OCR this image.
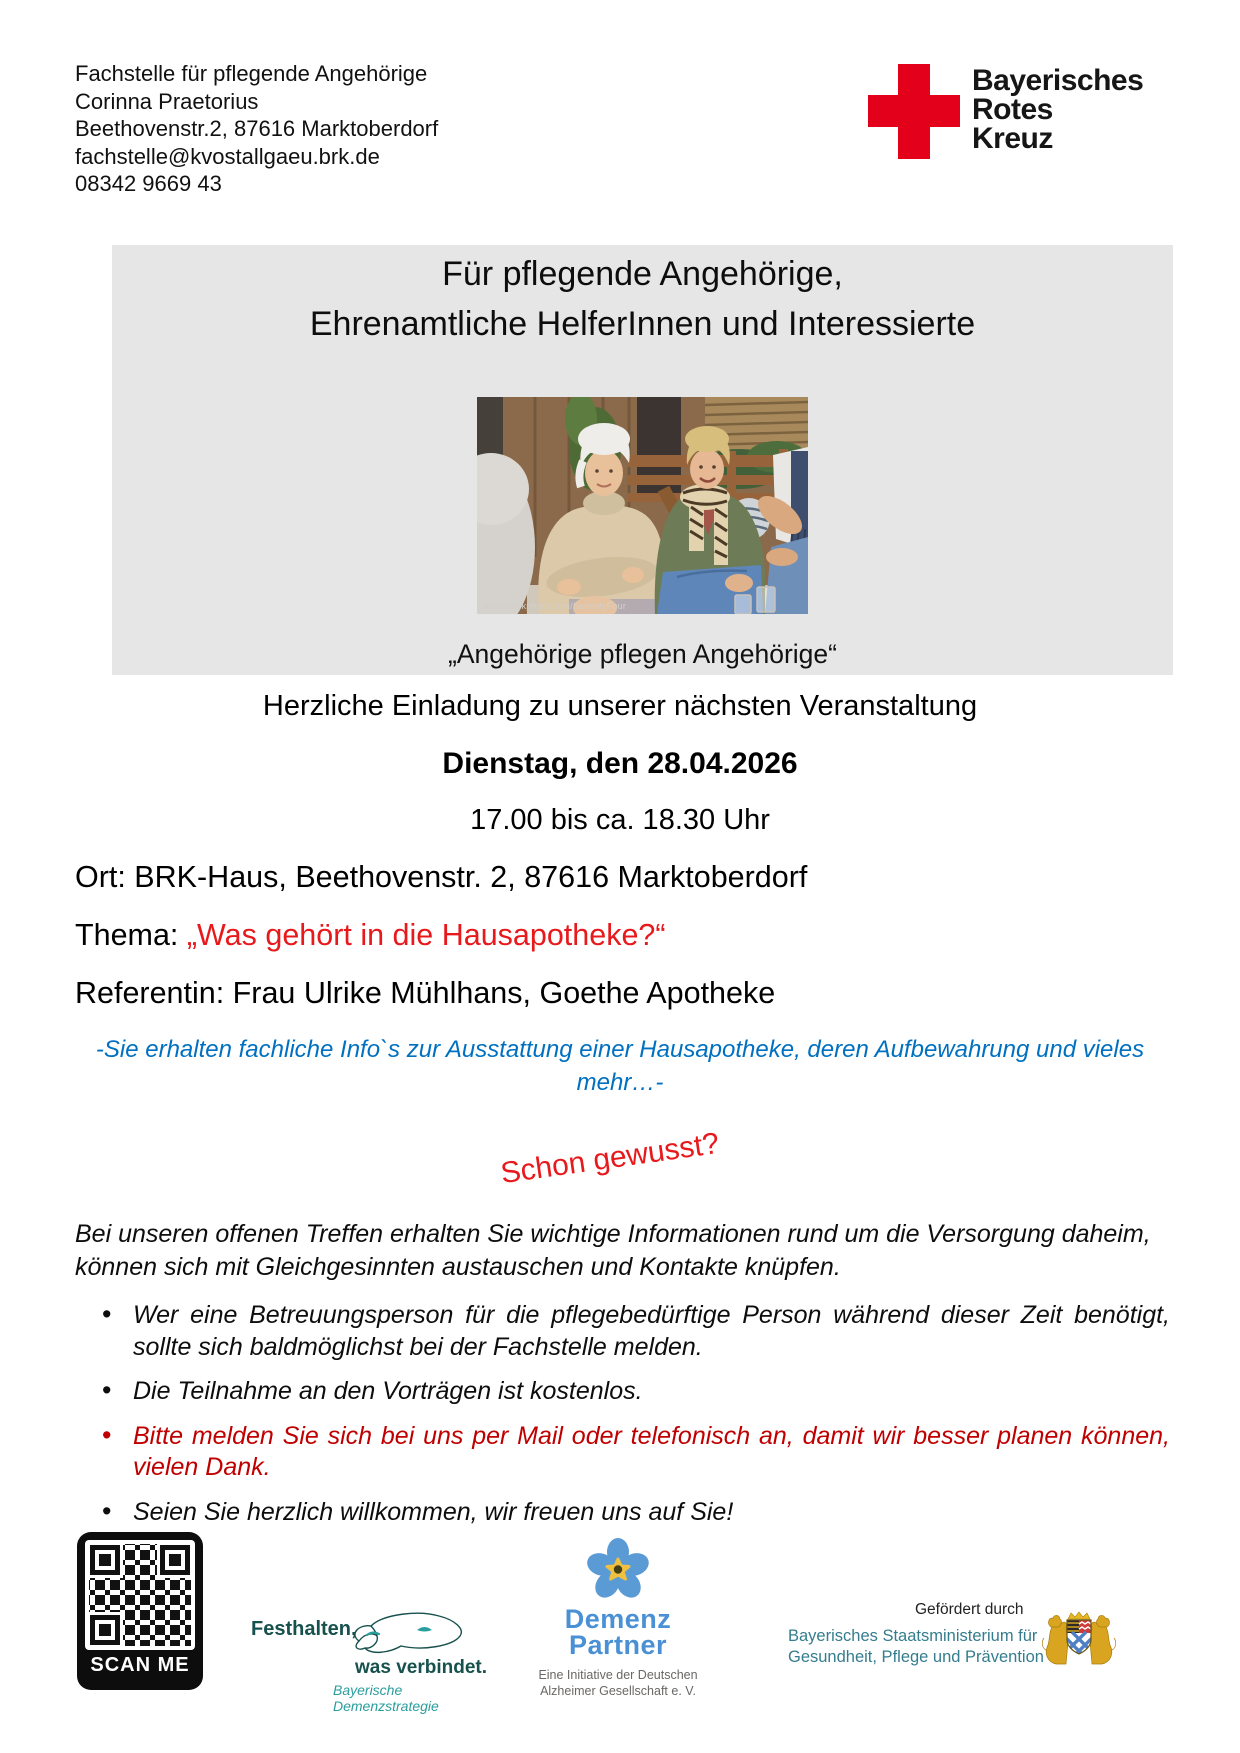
Fachstelle für pflegende Angehörige
Corinna Praetorius
Beethovenstr.2, 87616 Marktoberdorf
fachstelle@kvostallgaeu.brk.de
08342 9669 43
Bayerisches
Rotes
Kreuz
Für pflegende Angehörige,
Ehrenamtliche HelferInnen und Interessierte
www.stockphoto.com/SeventyFour
„Angehörige pflegen Angehörige“
Herzliche Einladung zu unserer nächsten Veranstaltung
Dienstag, den 28.04.2026
17.00 bis ca. 18.30 Uhr
Ort: BRK-Haus, Beethovenstr. 2, 87616 Marktoberdorf
Thema: „Was gehört in die Hausapotheke?“
Referentin: Frau Ulrike Mühlhans, Goethe Apotheke
-Sie erhalten fachliche Info`s zur Ausstattung einer Hausapotheke, deren Aufbewahrung und vieles mehr…-
Schon gewusst?
Bei unseren offenen Treffen erhalten Sie wichtige Informationen rund um die Versorgung daheim, können sich mit Gleichgesinnten austauschen und Kontakte knüpfen.
• Wer eine Betreuungsperson für die pflegebedürftige Person während dieser Zeit benötigt, sollte sich baldmöglichst bei der Fachstelle melden.
• Die Teilnahme an den Vorträgen ist kostenlos.
• Bitte melden Sie sich bei uns per Mail oder telefonisch an, damit wir besser planen können, vielen Dank.
• Seien Sie herzlich willkommen, wir freuen uns auf Sie!
SCAN ME
Festhalten,
was verbindet.
Bayerische Demenzstrategie
Demenz
Partner
Eine Initiative der Deutschen
Alzheimer Gesellschaft e. V.
Gefördert durch
Bayerisches Staatsministerium für
Gesundheit, Pflege und Prävention
